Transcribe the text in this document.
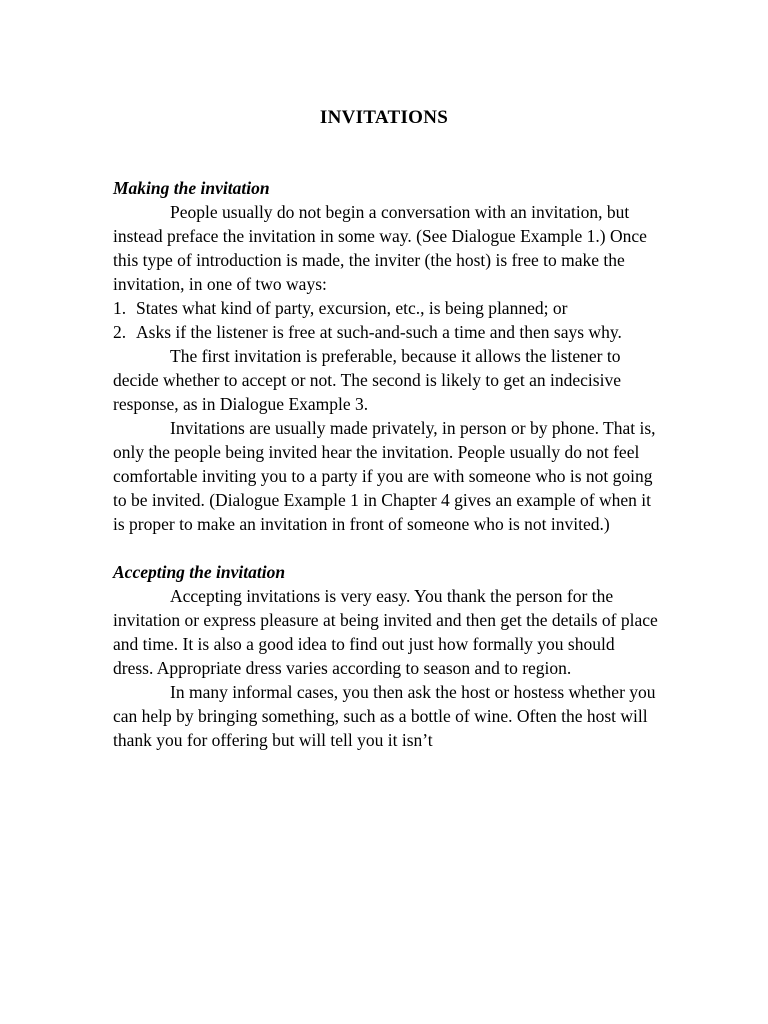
INVITATIONS

Making the invitation

People usually do not begin a conversation with an invitation, but instead preface the invitation in some way. (See Dialogue Example 1.) Once this type of introduction is made, the inviter (the host) is free to make the invitation, in one of two ways:

1. States what kind of party, excursion, etc., is being planned; or
2. Asks if the listener is free at such-and-such a time and then says why.

The first invitation is preferable, because it allows the listener to decide whether to accept or not. The second is likely to get an indecisive response, as in Dialogue Example 3.

Invitations are usually made privately, in person or by phone. That is, only the people being invited hear the invitation. People usually do not feel comfortable inviting you to a party if you are with someone who is not going to be invited. (Dialogue Example 1 in Chapter 4 gives an example of when it is proper to make an invitation in front of someone who is not invited.)

Accepting the invitation

Accepting invitations is very easy. You thank the person for the invitation or express pleasure at being invited and then get the details of place and time. It is also a good idea to find out just how formally you should dress. Appropriate dress varies according to season and to region.

In many informal cases, you then ask the host or hostess whether you can help by bringing something, such as a bottle of wine. Often the host will thank you for offering but will tell you it isn’t
